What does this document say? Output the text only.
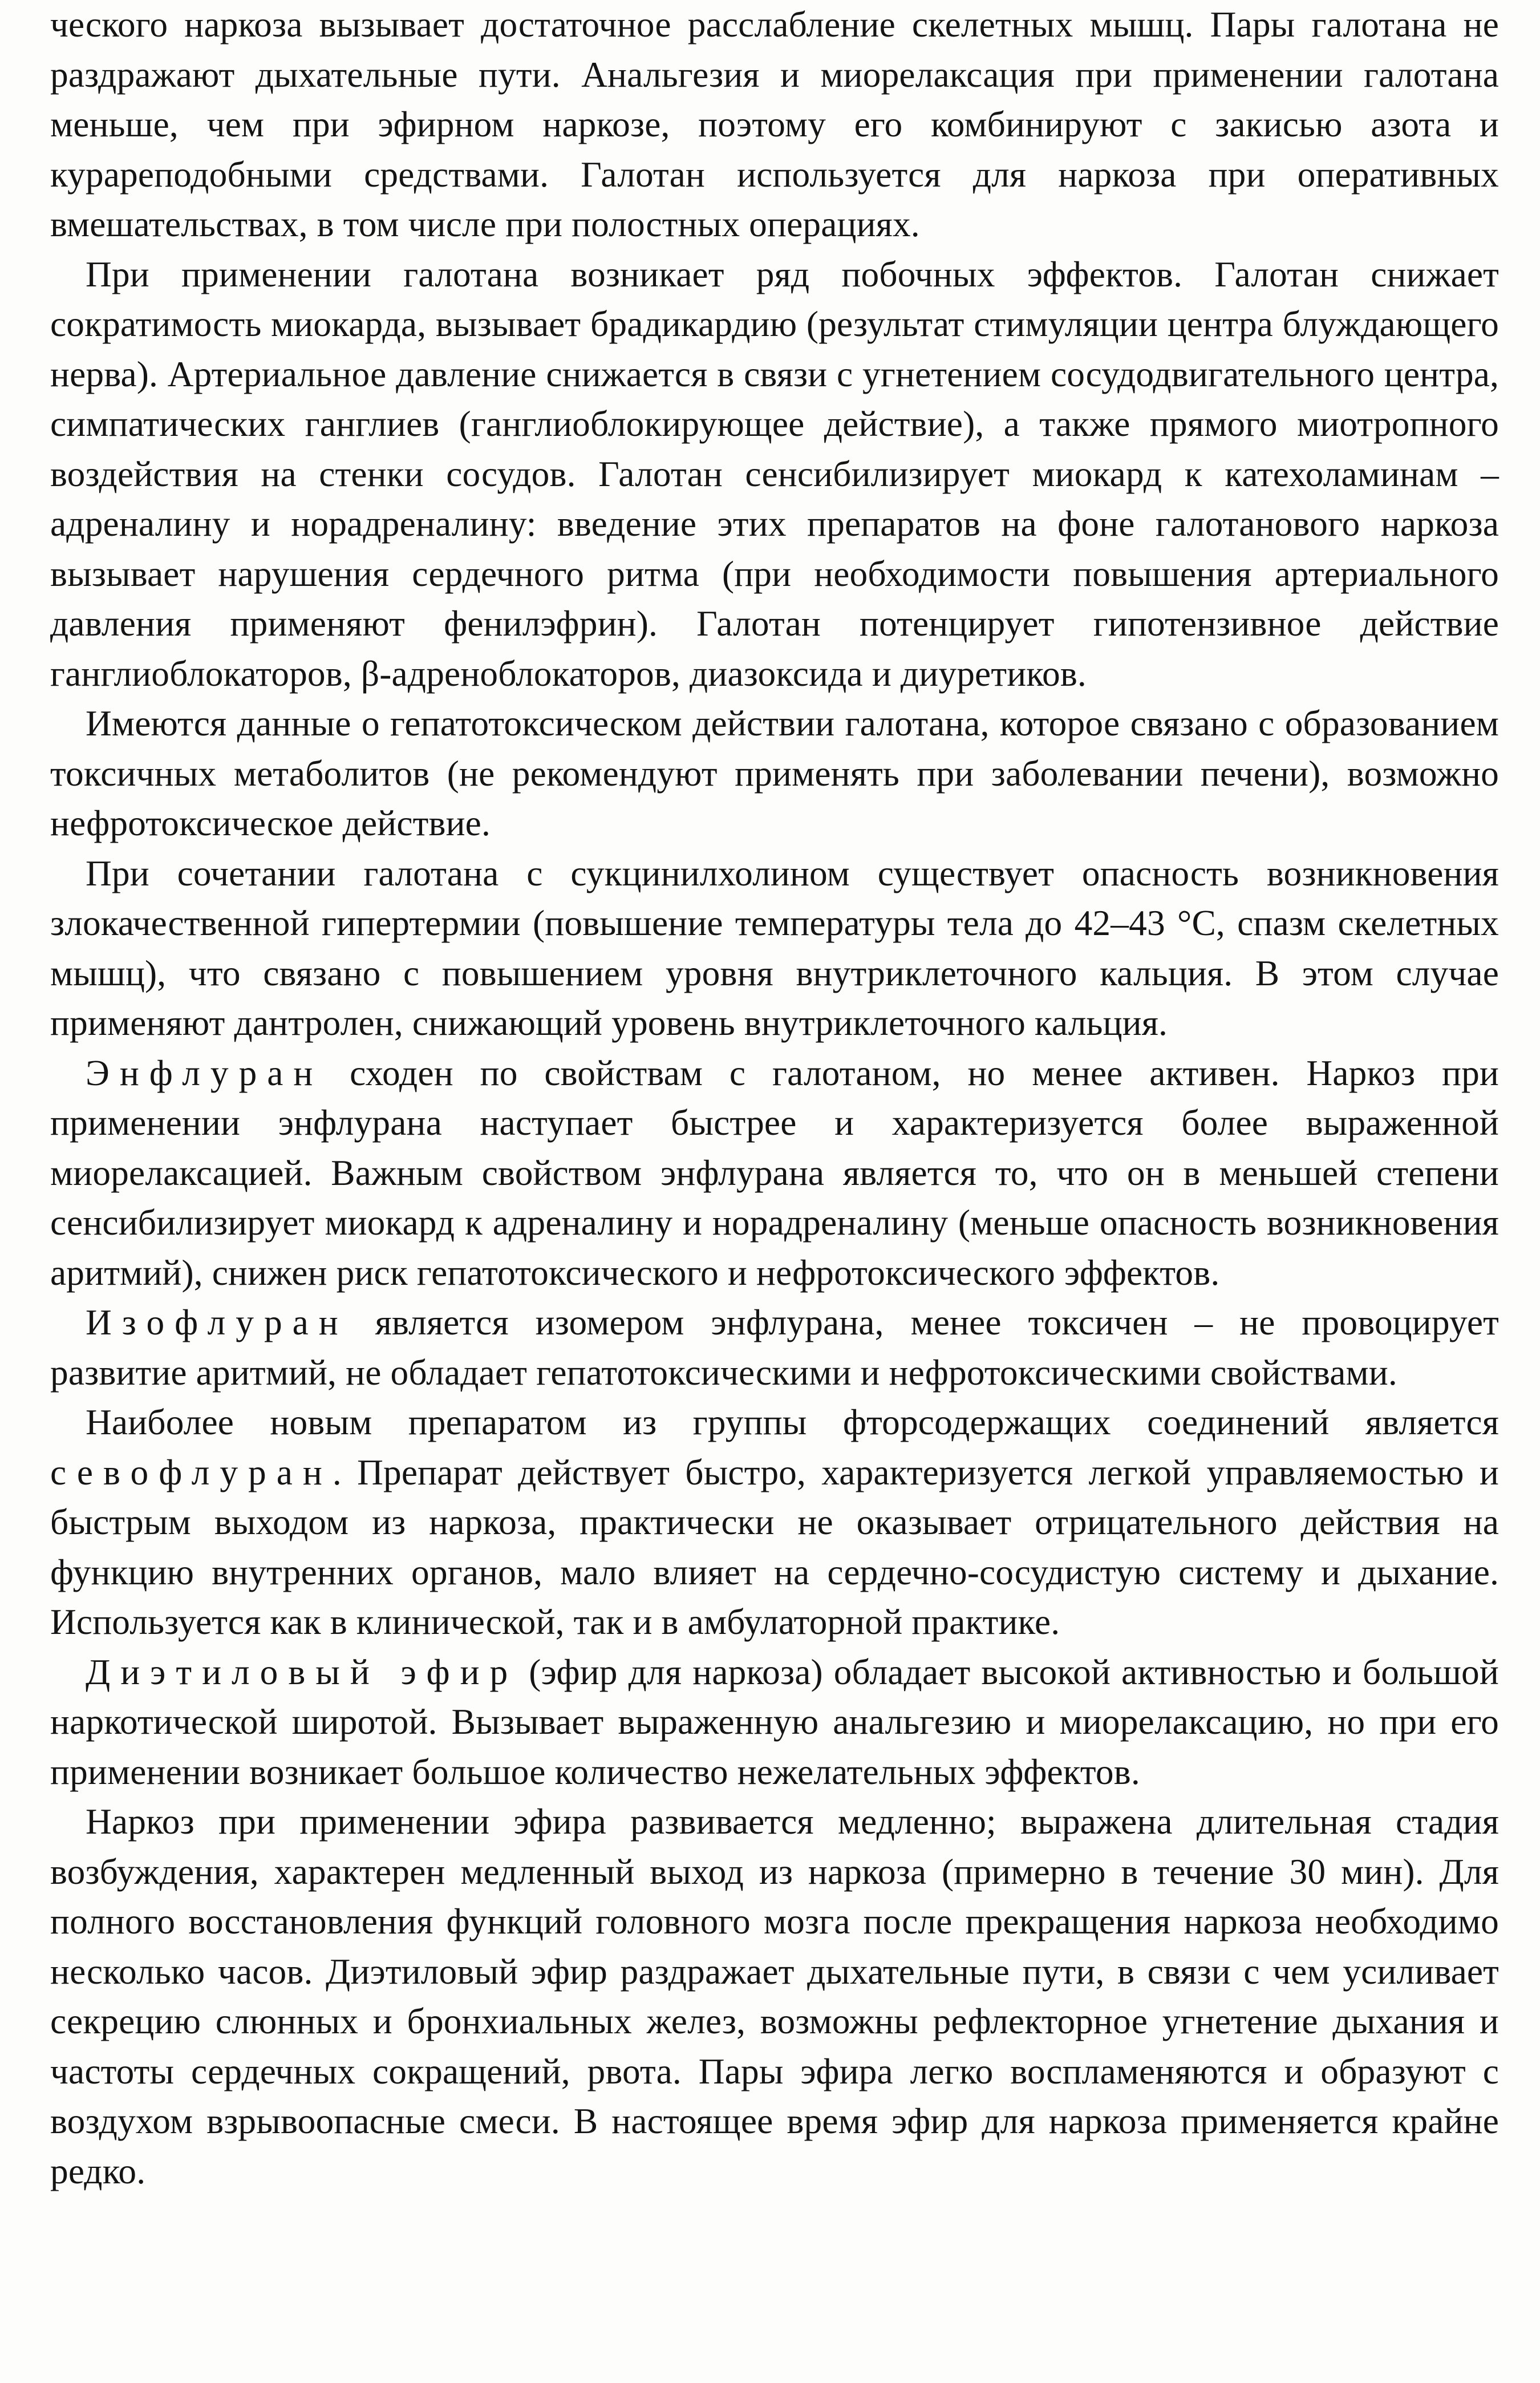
ческого наркоза вызывает достаточное расслабление скелетных мышц. Пары галотана не раздражают дыхательные пути. Анальгезия и миорелаксация при применении галотана меньше, чем при эфирном наркозе, поэтому его комбинируют с закисью азота и курареподобными средствами. Галотан используется для наркоза при оперативных вмешательствах, в том числе при полостных операциях.

При применении галотана возникает ряд побочных эффектов. Галотан снижает сократимость миокарда, вызывает брадикардию (результат стимуляции центра блуждающего нерва). Артериальное давление снижается в связи с угнетением сосудодвигательного центра, симпатических ганглиев (ганглиоблокирующее действие), а также прямого миотропного воздействия на стенки сосудов. Галотан сенсибилизирует миокард к катехоламинам – адреналину и норадреналину: введение этих препаратов на фоне галотанового наркоза вызывает нарушения сердечного ритма (при необходимости повышения артериального давления применяют фенилэфрин). Галотан потенцирует гипотензивное действие ганглиоблокаторов, β-адреноблокаторов, диазоксида и диуретиков.

Имеются данные о гепатотоксическом действии галотана, которое связано с образованием токсичных метаболитов (не рекомендуют применять при заболевании печени), возможно нефротоксическое действие.

При сочетании галотана с сукцинилхолином существует опасность возникновения злокачественной гипертермии (повышение температуры тела до 42–43 °С, спазм скелетных мышц), что связано с повышением уровня внутриклеточного кальция. В этом случае применяют дантролен, снижающий уровень внутриклеточного кальция.

Энфлуран сходен по свойствам с галотаном, но менее активен. Наркоз при применении энфлурана наступает быстрее и характеризуется более выраженной миорелаксацией. Важным свойством энфлурана является то, что он в меньшей степени сенсибилизирует миокард к адреналину и норадреналину (меньше опасность возникновения аритмий), снижен риск гепатотоксического и нефротоксического эффектов.

Изофлуран является изомером энфлурана, менее токсичен – не провоцирует развитие аритмий, не обладает гепатотоксическими и нефротоксическими свойствами.

Наиболее новым препаратом из группы фторсодержащих соединений является севофлуран. Препарат действует быстро, характеризуется легкой управляемостью и быстрым выходом из наркоза, практически не оказывает отрицательного действия на функцию внутренних органов, мало влияет на сердечно-сосудистую систему и дыхание. Используется как в клинической, так и в амбулаторной практике.

Диэтиловый эфир (эфир для наркоза) обладает высокой активностью и большой наркотической широтой. Вызывает выраженную анальгезию и миорелаксацию, но при его применении возникает большое количество нежелательных эффектов.

Наркоз при применении эфира развивается медленно; выражена длительная стадия возбуждения, характерен медленный выход из наркоза (примерно в течение 30 мин). Для полного восстановления функций головного мозга после прекращения наркоза необходимо несколько часов. Диэтиловый эфир раздражает дыхательные пути, в связи с чем усиливает секрецию слюнных и бронхиальных желез, возможны рефлекторное угнетение дыхания и частоты сердечных сокращений, рвота. Пары эфира легко воспламеняются и образуют с воздухом взрывоопасные смеси. В настоящее время эфир для наркоза применяется крайне редко.
